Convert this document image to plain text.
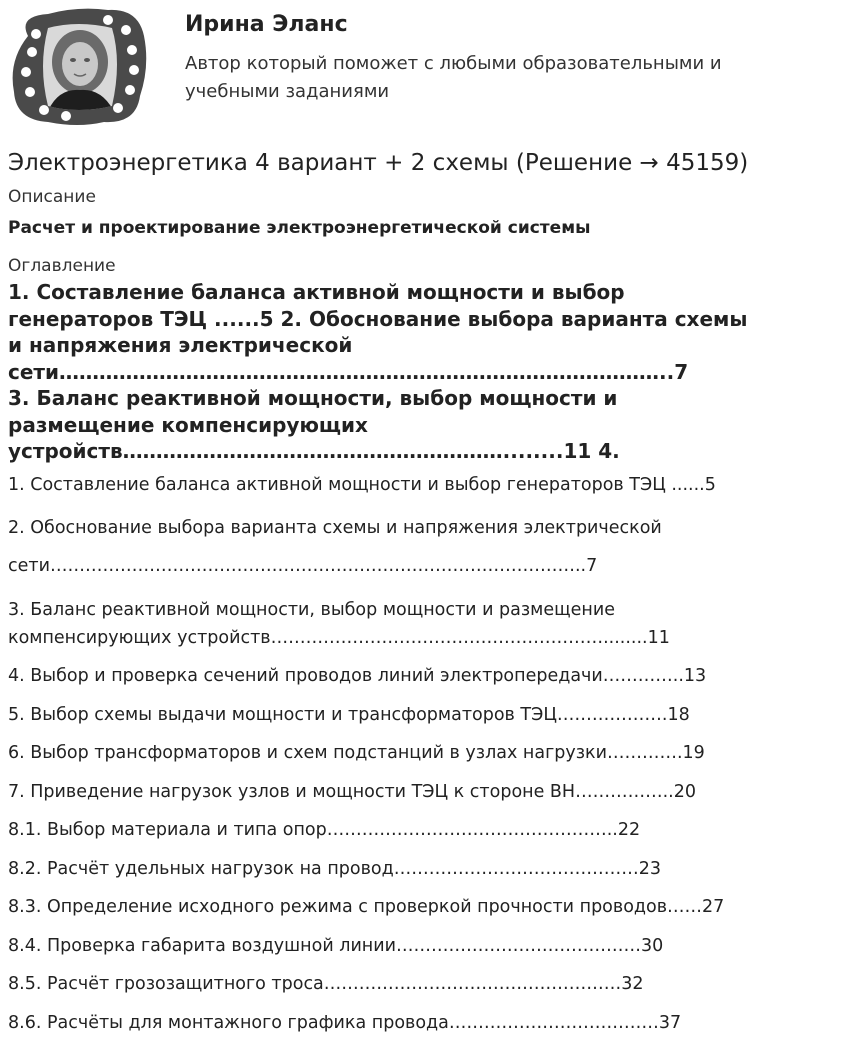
Ирина Эланс
Автор который поможет с любыми образовательными и
учебными заданиями
Электроэнергетика 4 вариант + 2 схемы (Решение → 45159)
Описание
Расчет и проектирование электроэнергетической системы
Оглавление
1. Составление баланса активной мощности и выбор
генераторов ТЭЦ ......5 2. Обоснование выбора варианта схемы
и напряжения электрической
сети………………………………………………………………………………..7
3. Баланс реактивной мощности, выбор мощности и
размещение компенсирующих
устройств…………………………………………………........11 4.
1. Составление баланса активной мощности и выбор генераторов ТЭЦ ......5
2. Обоснование выбора варианта схемы и напряжения электрической
сети………………………………………………………………………………..7
3. Баланс реактивной мощности, выбор мощности и размещение
компенсирующих устройств…………………………………………………........11
4. Выбор и проверка сечений проводов линий электропередачи…………..13
5. Выбор схемы выдачи мощности и трансформаторов ТЭЦ……………….18
6. Выбор трансформаторов и схем подстанций в узлах нагрузки………….19
7. Приведение нагрузок узлов и мощности ТЭЦ к стороне ВН……………..20
8.1. Выбор материала и типа опор…………………………………………..22
8.2. Расчёт удельных нагрузок на провод……………………………………23
8.3. Определение исходного режима с проверкой прочности проводов……27
8.4. Проверка габарита воздушной линии……………………………………30
8.5. Расчёт грозозащитного троса……………………………………………32
8.6. Расчёты для монтажного графика провода………………………………37
